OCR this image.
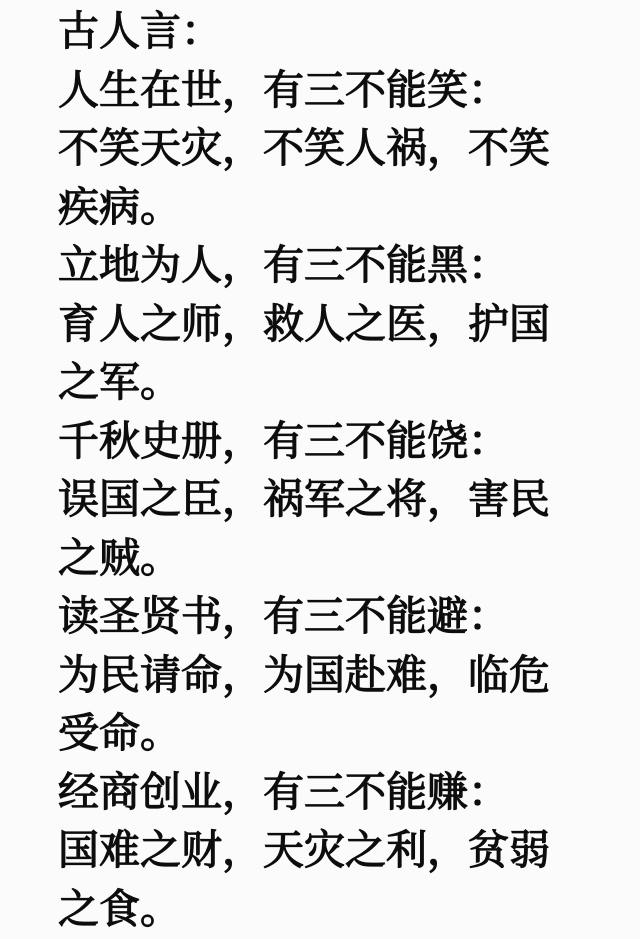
古人言：
人生在世，有三不能笑：
不笑天灾，不笑人祸，不笑
疾病。
立地为人，有三不能黑：
育人之师，救人之医，护国
之军。
千秋史册，有三不能饶：
误国之臣，祸军之将，害民
之贼。
读圣贤书，有三不能避：
为民请命，为国赴难，临危
受命。
经商创业，有三不能赚：
国难之财，天灾之利，贫弱
之食。
